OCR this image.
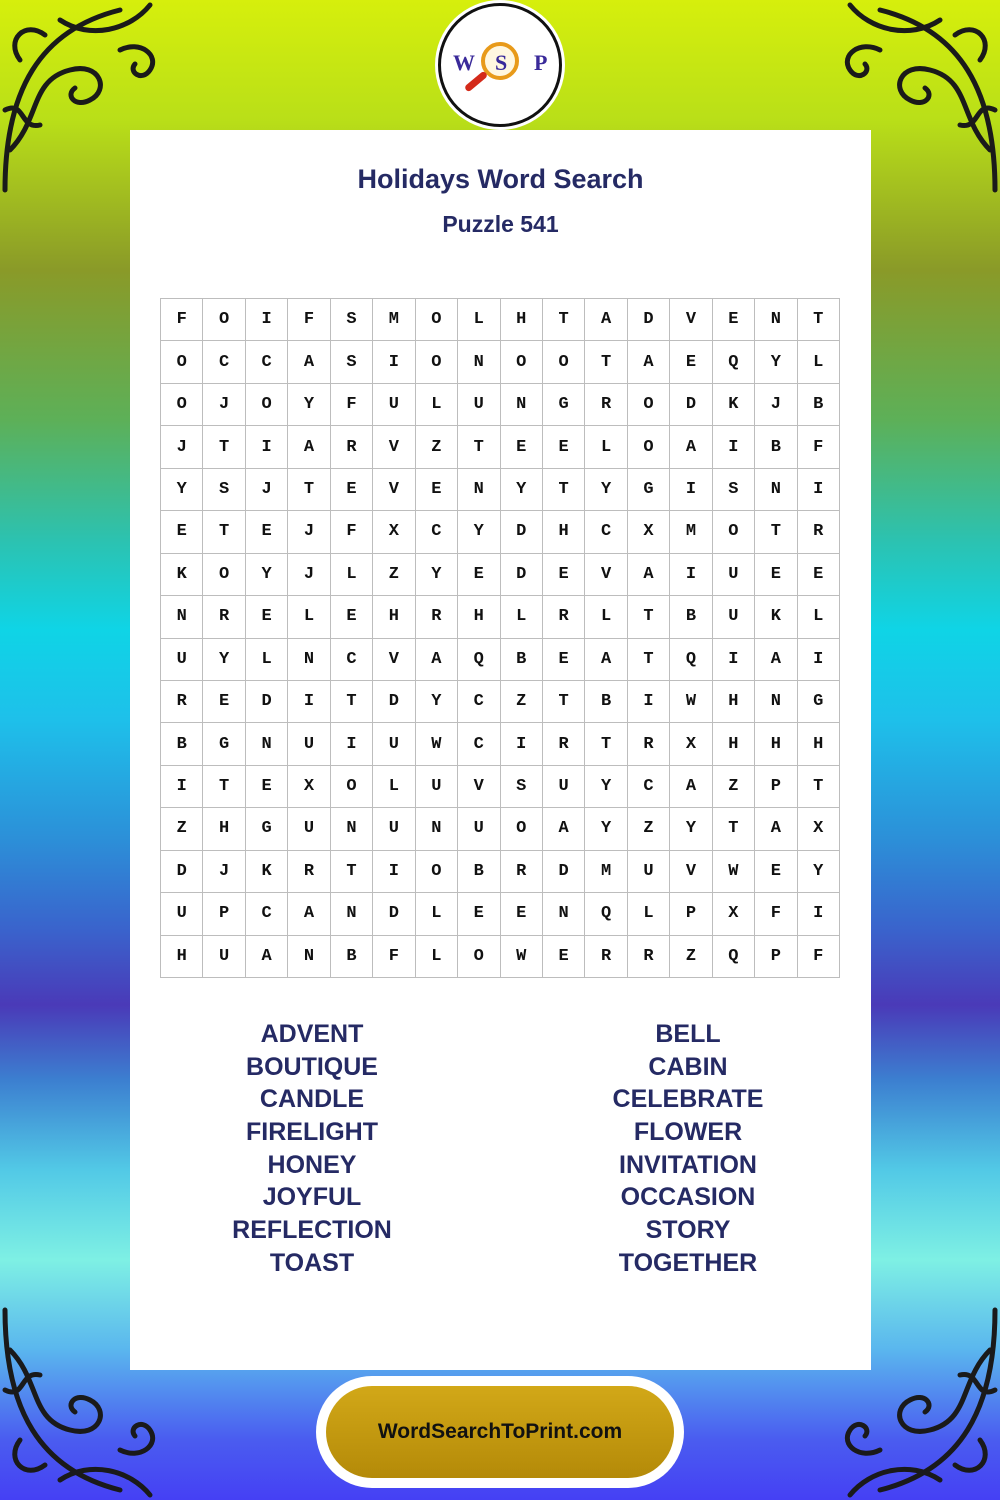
W S P
Holidays Word Search
Puzzle 541
F	O	I	F	S	M	O	L	H	T	A	D	V	E	N	T
O	C	C	A	S	I	O	N	O	O	T	A	E	Q	Y	L
O	J	O	Y	F	U	L	U	N	G	R	O	D	K	J	B
J	T	I	A	R	V	Z	T	E	E	L	O	A	I	B	F
Y	S	J	T	E	V	E	N	Y	T	Y	G	I	S	N	I
E	T	E	J	F	X	C	Y	D	H	C	X	M	O	T	R
K	O	Y	J	L	Z	Y	E	D	E	V	A	I	U	E	E
N	R	E	L	E	H	R	H	L	R	L	T	B	U	K	L
U	Y	L	N	C	V	A	Q	B	E	A	T	Q	I	A	I
R	E	D	I	T	D	Y	C	Z	T	B	I	W	H	N	G
B	G	N	U	I	U	W	C	I	R	T	R	X	H	H	H
I	T	E	X	O	L	U	V	S	U	Y	C	A	Z	P	T
Z	H	G	U	N	U	N	U	O	A	Y	Z	Y	T	A	X
D	J	K	R	T	I	O	B	R	D	M	U	V	W	E	Y
U	P	C	A	N	D	L	E	E	N	Q	L	P	X	F	I
H	U	A	N	B	F	L	O	W	E	R	R	Z	Q	P	F
ADVENT
BOUTIQUE
CANDLE
FIRELIGHT
HONEY
JOYFUL
REFLECTION
TOAST
BELL
CABIN
CELEBRATE
FLOWER
INVITATION
OCCASION
STORY
TOGETHER
WordSearchToPrint.com
